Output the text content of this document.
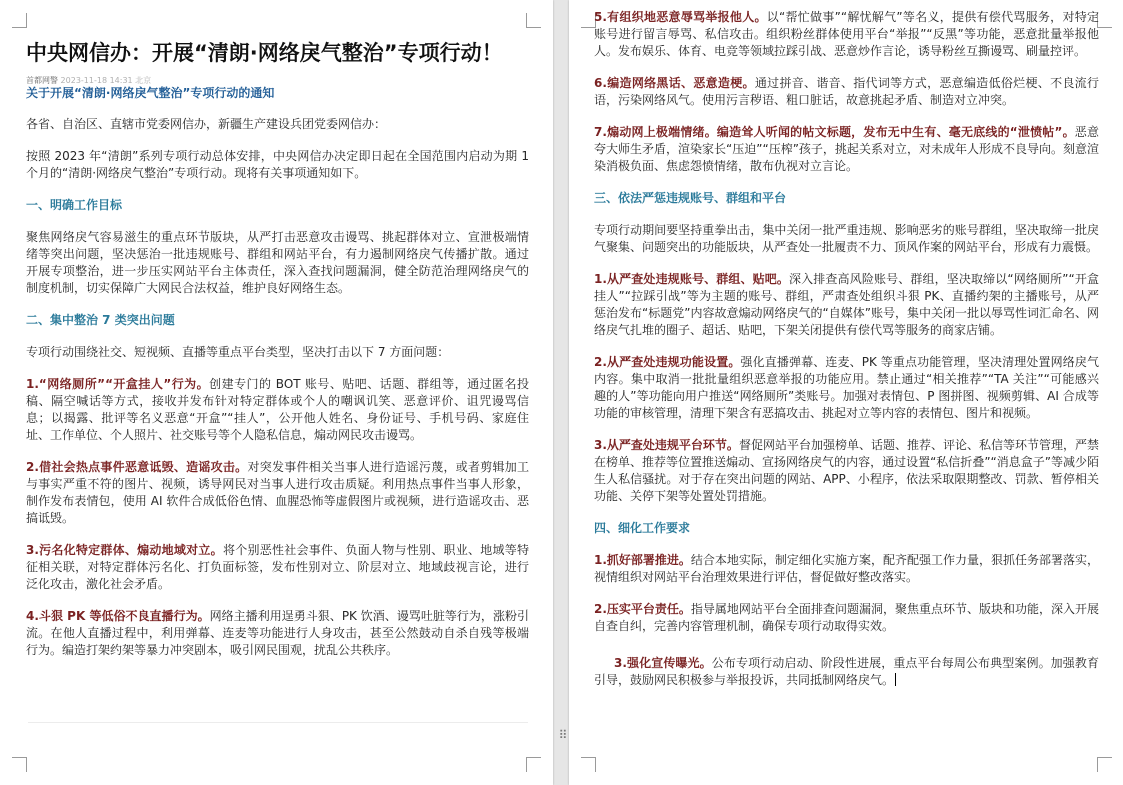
中央网信办：开展“清朗·网络戾气整治”专项行动！

首都网警 2023-11-18 14:31 北京

关于开展“清朗·网络戾气整治”专项行动的通知

各省、自治区、直辖市党委网信办，新疆生产建设兵团党委网信办：

按照 2023 年“清朗”系列专项行动总体安排，中央网信办决定即日起在全国范围内启动为期 1 个月的“清朗·网络戾气整治”专项行动。现将有关事项通知如下。

一、明确工作目标

聚焦网络戾气容易滋生的重点环节版块，从严打击恶意攻击谩骂、挑起群体对立、宣泄极端情绪等突出问题，坚决惩治一批违规账号、群组和网站平台，有力遏制网络戾气传播扩散。通过开展专项整治，进一步压实网站平台主体责任，深入查找问题漏洞，健全防范治理网络戾气的制度机制，切实保障广大网民合法权益，维护良好网络生态。

二、集中整治 7 类突出问题

专项行动围绕社交、短视频、直播等重点平台类型，坚决打击以下 7 方面问题：

1.“网络厕所”“开盒挂人”行为。创建专门的 BOT 账号、贴吧、话题、群组等，通过匿名投稿、隔空喊话等方式，接收并发布针对特定群体或个人的嘲讽讥笑、恶意评价、诅咒谩骂信息；以揭露、批评等名义恶意“开盒”“挂人”，公开他人姓名、身份证号、手机号码、家庭住址、工作单位、个人照片、社交账号等个人隐私信息，煽动网民攻击谩骂。

2.借社会热点事件恶意诋毁、造谣攻击。对突发事件相关当事人进行造谣污蔑，或者剪辑加工与事实严重不符的图片、视频，诱导网民对当事人进行攻击质疑。利用热点事件当事人形象，制作发布表情包，使用 AI 软件合成低俗色情、血腥恐怖等虚假图片或视频，进行造谣攻击、恶搞诋毁。

3.污名化特定群体、煽动地域对立。将个别恶性社会事件、负面人物与性别、职业、地域等特征相关联，对特定群体污名化、打负面标签，发布性别对立、阶层对立、地域歧视言论，进行泛化攻击，激化社会矛盾。

4.斗狠 PK 等低俗不良直播行为。网络主播利用逞勇斗狠、PK 饮酒、谩骂吐脏等行为，涨粉引流。在他人直播过程中，利用弹幕、连麦等功能进行人身攻击，甚至公然鼓动自杀自残等极端行为。编造打架约架等暴力冲突剧本，吸引网民围观，扰乱公共秩序。

⠿

5.有组织地恶意辱骂举报他人。以“帮忙做事”“解忧解气”等名义，提供有偿代骂服务，对特定账号进行留言辱骂、私信攻击。组织粉丝群体使用平台“举报”“反黑”等功能，恶意批量举报他人。发布娱乐、体育、电竞等领域拉踩引战、恶意炒作言论，诱导粉丝互撕谩骂、刷量控评。

6.编造网络黑话、恶意造梗。通过拼音、谐音、指代词等方式，恶意编造低俗烂梗、不良流行语，污染网络风气。使用污言秽语、粗口脏话，故意挑起矛盾、制造对立冲突。

7.煽动网上极端情绪。编造耸人听闻的帖文标题，发布无中生有、毫无底线的“泄愤帖”。恶意夸大师生矛盾，渲染家长“压迫”“压榨”孩子，挑起关系对立，对未成年人形成不良导向。刻意渲染消极负面、焦虑怨愤情绪，散布仇视对立言论。

三、依法严惩违规账号、群组和平台

专项行动期间要坚持重拳出击，集中关闭一批严重违规、影响恶劣的账号群组，坚决取缔一批戾气聚集、问题突出的功能版块，从严查处一批履责不力、顶风作案的网站平台，形成有力震慑。

1.从严查处违规账号、群组、贴吧。深入排查高风险账号、群组，坚决取缔以“网络厕所”“开盒挂人”“拉踩引战”等为主题的账号、群组，严肃查处组织斗狠 PK、直播约架的主播账号，从严惩治发布“标题党”内容故意煽动网络戾气的“自媒体”账号，集中关闭一批以辱骂性词汇命名、网络戾气扎堆的圈子、超话、贴吧，下架关闭提供有偿代骂等服务的商家店铺。

2.从严查处违规功能设置。强化直播弹幕、连麦、PK 等重点功能管理，坚决清理处置网络戾气内容。集中取消一批批量组织恶意举报的功能应用。禁止通过“相关推荐”“TA 关注”“可能感兴趣的人”等功能向用户推送“网络厕所”类账号。加强对表情包、P 图拼图、视频剪辑、AI 合成等功能的审核管理，清理下架含有恶搞攻击、挑起对立等内容的表情包、图片和视频。

3.从严查处违规平台环节。督促网站平台加强榜单、话题、推荐、评论、私信等环节管理，严禁在榜单、推荐等位置推送煽动、宣扬网络戾气的内容，通过设置“私信折叠”“消息盒子”等减少陌生人私信骚扰。对于存在突出问题的网站、APP、小程序，依法采取限期整改、罚款、暂停相关功能、关停下架等处置处罚措施。

四、细化工作要求

1.抓好部署推进。结合本地实际，制定细化实施方案，配齐配强工作力量，狠抓任务部署落实，视情组织对网站平台治理效果进行评估，督促做好整改落实。

2.压实平台责任。指导属地网站平台全面排查问题漏洞，聚焦重点环节、版块和功能，深入开展自查自纠，完善内容管理机制，确保专项行动取得实效。

3.强化宣传曝光。公布专项行动启动、阶段性进展，重点平台每周公布典型案例。加强教育引导，鼓励网民积极参与举报投诉，共同抵制网络戾气。
